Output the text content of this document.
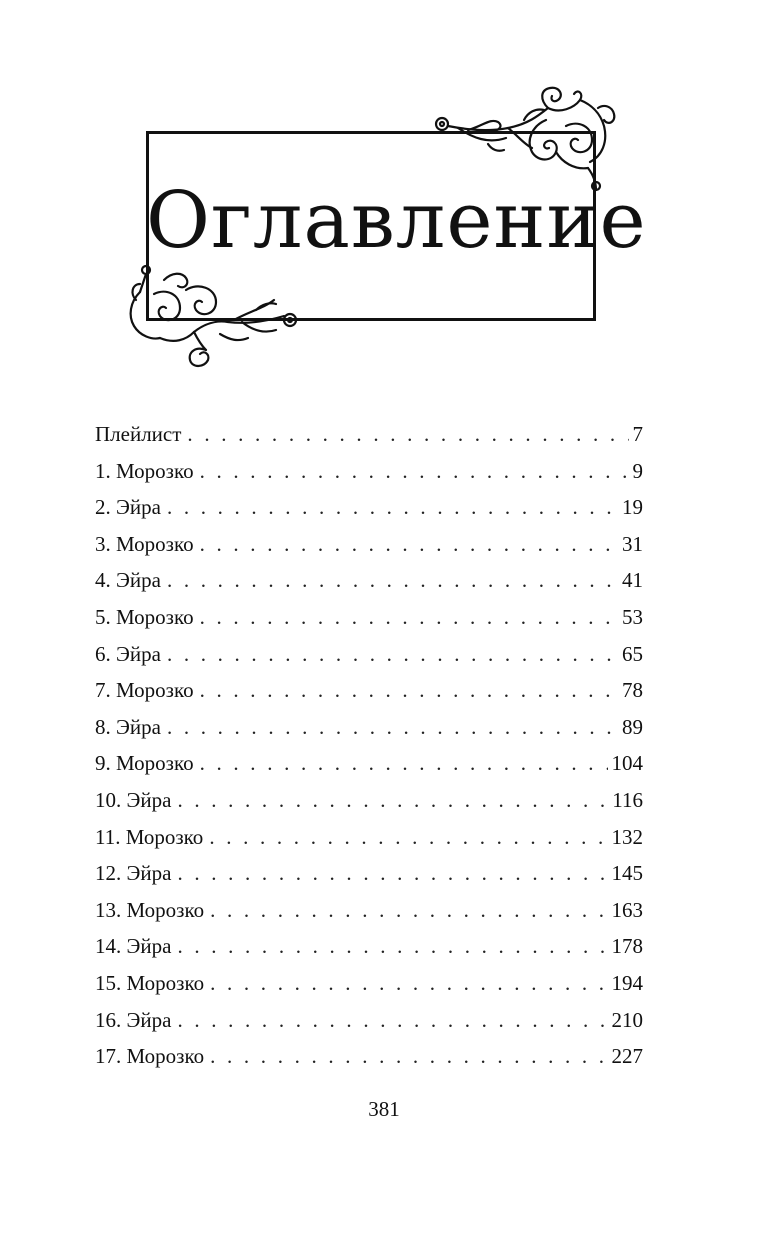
Оглавление
Плейлист . . .	7
1. Морозко . . .	9
2. Эйра . . .	19
3. Морозко . . .	31
4. Эйра . . .	41
5. Морозко . . .	53
6. Эйра . . .	65
7. Морозко . . .	78
8. Эйра . . .	89
9. Морозко . . .	104
10. Эйра . . .	116
11. Морозко . . .	132
12. Эйра . . .	145
13. Морозко . . .	163
14. Эйра . . .	178
15. Морозко . . .	194
16. Эйра . . .	210
17. Морозко . . .	227
381
